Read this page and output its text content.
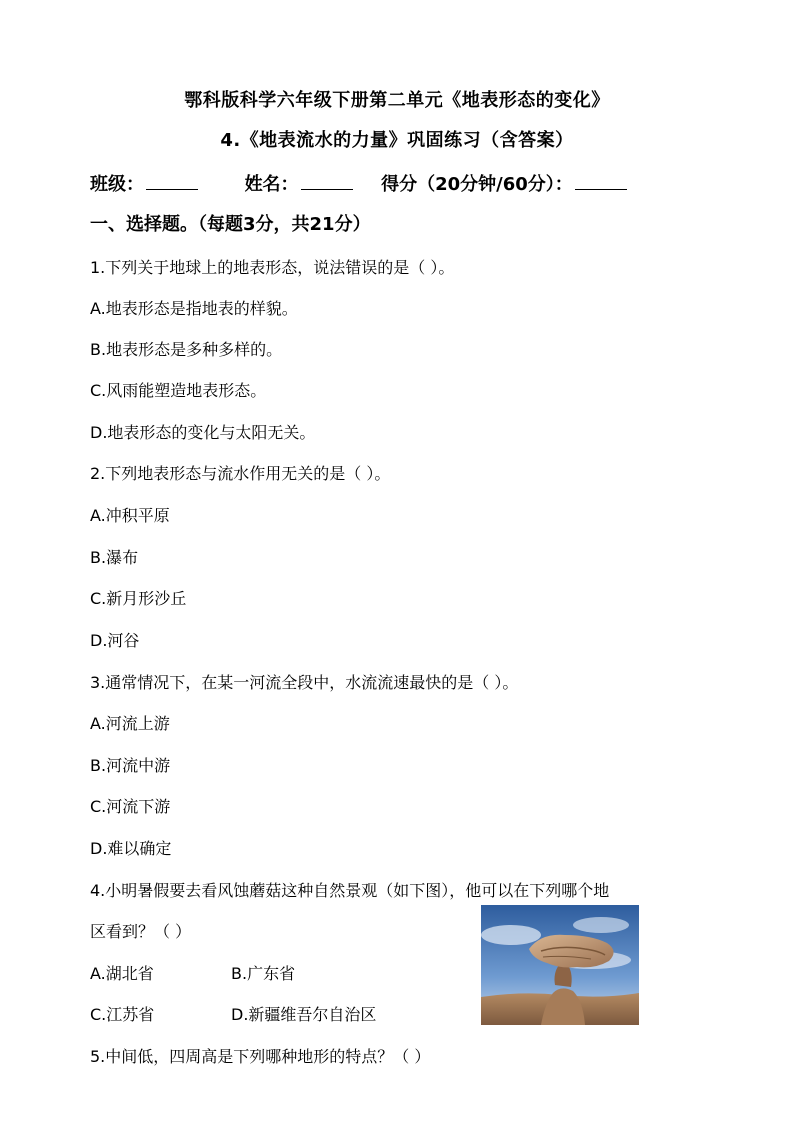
鄂科版科学六年级下册第二单元《地表形态的变化》
4.《地表流水的力量》巩固练习（含答案）
班级：	姓名：	得分（20分钟/60分）：
一、选择题。（每题3分，共21分）
1.下列关于地球上的地表形态，说法错误的是（ ）。
A.地表形态是指地表的样貌。
B.地表形态是多种多样的。
C.风雨能塑造地表形态。
D.地表形态的变化与太阳无关。
2.下列地表形态与流水作用无关的是（ ）。
A.冲积平原
B.瀑布
C.新月形沙丘
D.河谷
3.通常情况下，在某一河流全段中，水流流速最快的是（ ）。
A.河流上游
B.河流中游
C.河流下游
D.难以确定
4.小明暑假要去看风蚀蘑菇这种自然景观（如下图），他可以在下列哪个地
区看到？（ ）
A.湖北省	B.广东省
C.江苏省	D.新疆维吾尔自治区
5.中间低，四周高是下列哪种地形的特点？（ ）
